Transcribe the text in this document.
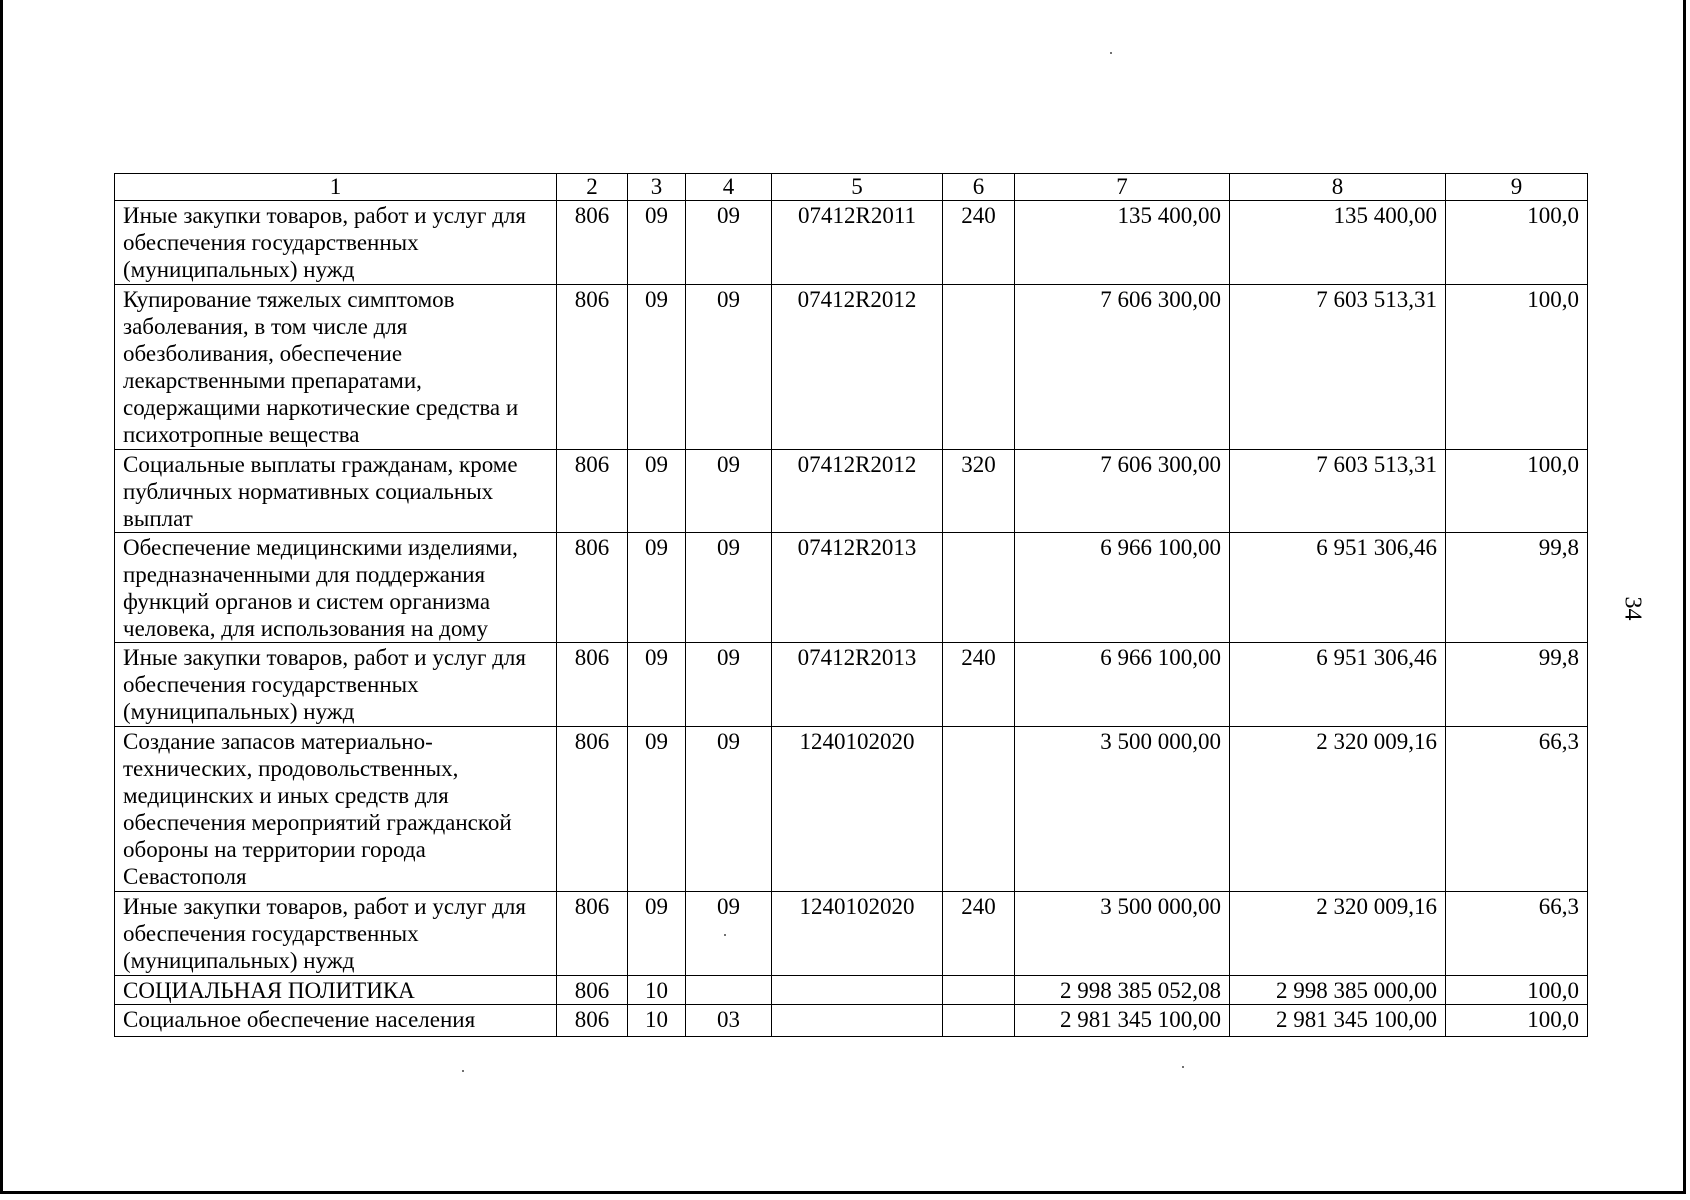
1	2	3	4	5	6	7	8	9
Иные закупки товаров, работ и услуг для обеспечения государственных (муниципальных) нужд	806	09	09	07412R2011	240	135 400,00	135 400,00	100,0
Купирование тяжелых симптомов заболевания, в том числе для обезболивания, обеспечение лекарственными препаратами, содержащими наркотические средства и психотропные вещества	806	09	09	07412R2012		7 606 300,00	7 603 513,31	100,0
Социальные выплаты гражданам, кроме публичных нормативных социальных выплат	806	09	09	07412R2012	320	7 606 300,00	7 603 513,31	100,0
Обеспечение медицинскими изделиями, предназначенными для поддержания функций органов и систем организма человека, для использования на дому	806	09	09	07412R2013		6 966 100,00	6 951 306,46	99,8
Иные закупки товаров, работ и услуг для обеспечения государственных (муниципальных) нужд	806	09	09	07412R2013	240	6 966 100,00	6 951 306,46	99,8
Создание запасов материально-технических, продовольственных, медицинских и иных средств для обеспечения мероприятий гражданской обороны на территории города Севастополя	806	09	09	1240102020		3 500 000,00	2 320 009,16	66,3
Иные закупки товаров, работ и услуг для обеспечения государственных (муниципальных) нужд	806	09	09	1240102020	240	3 500 000,00	2 320 009,16	66,3
СОЦИАЛЬНАЯ ПОЛИТИКА	806	10				2 998 385 052,08	2 998 385 000,00	100,0
Социальное обеспечение населения	806	10	03			2 981 345 100,00	2 981 345 100,00	100,0
34
